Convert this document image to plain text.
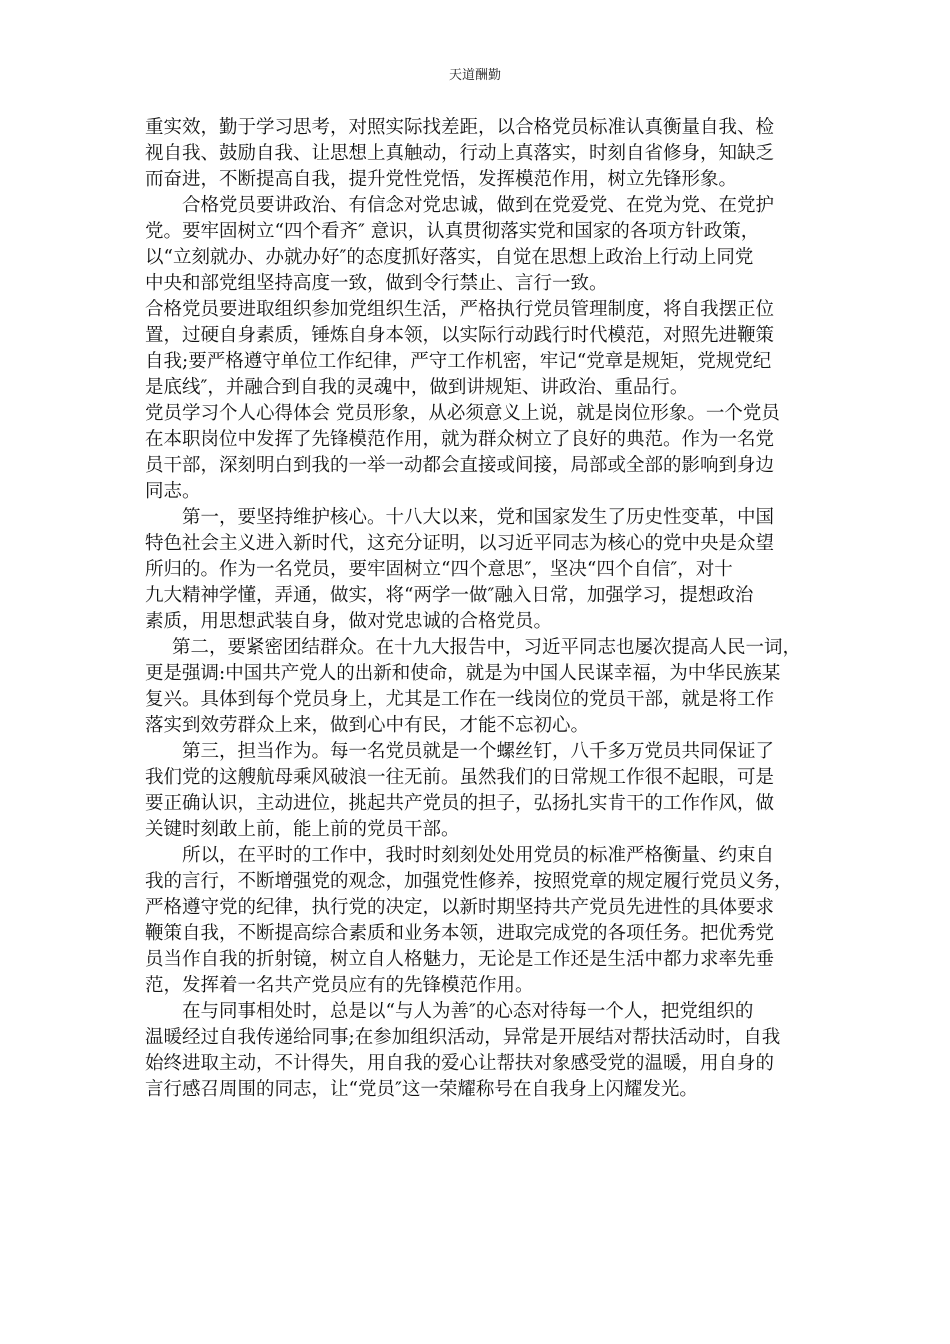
天道酬勤
重实效，勤于学习思考，对照实际找差距，以合格党员标准认真衡量自我、检
视自我、鼓励自我、让思想上真触动，行动上真落实，时刻自省修身，知缺乏
而奋进，不断提高自我，提升党性党悟，发挥模范作用，树立先锋形象。
合格党员要讲政治、有信念对党忠诚，做到在党爱党、在党为党、在党护
党。要牢固树立“四个看齐″ 意识，认真贯彻落实党和国家的各项方针政策，
以“立刻就办、办就办好″的态度抓好落实，自觉在思想上政治上行动上同党
中央和部党组坚持高度一致，做到令行禁止、言行一致。
合格党员要进取组织参加党组织生活，严格执行党员管理制度，将自我摆正位
置，过硬自身素质，锤炼自身本领，以实际行动践行时代模范，对照先进鞭策
自我;要严格遵守单位工作纪律，严守工作机密，牢记“党章是规矩，党规党纪
是底线″，并融合到自我的灵魂中，做到讲规矩、讲政治、重品行。
党员学习个人心得体会 党员形象，从必须意义上说，就是岗位形象。一个党员
在本职岗位中发挥了先锋模范作用，就为群众树立了良好的典范。作为一名党
员干部，深刻明白到我的一举一动都会直接或间接，局部或全部的影响到身边
同志。
第一，要坚持维护核心。十八大以来，党和国家发生了历史性变革，中国
特色社会主义进入新时代，这充分证明，以习近平同志为核心的党中央是众望
所归的。作为一名党员，要牢固树立“四个意思″，坚决“四个自信″，对十
九大精神学懂，弄通，做实，将“两学一做″融入日常，加强学习，提想政治
素质，用思想武装自身，做对党忠诚的合格党员。
第二，要紧密团结群众。在十九大报告中，习近平同志也屡次提高人民一词，
更是强调:中国共产党人的出新和使命，就是为中国人民谋幸福，为中华民族某
复兴。具体到每个党员身上，尤其是工作在一线岗位的党员干部，就是将工作
落实到效劳群众上来，做到心中有民，才能不忘初心。
第三，担当作为。每一名党员就是一个螺丝钉，八千多万党员共同保证了
我们党的这艘航母乘风破浪一往无前。虽然我们的日常规工作很不起眼，可是
要正确认识，主动进位，挑起共产党员的担子，弘扬扎实肯干的工作作风，做
关键时刻敢上前，能上前的党员干部。
所以，在平时的工作中，我时时刻刻处处用党员的标准严格衡量、约束自
我的言行，不断增强党的观念，加强党性修养，按照党章的规定履行党员义务，
严格遵守党的纪律，执行党的决定，以新时期坚持共产党员先进性的具体要求
鞭策自我，不断提高综合素质和业务本领，进取完成党的各项任务。把优秀党
员当作自我的折射镜，树立自人格魅力，无论是工作还是生活中都力求率先垂
范，发挥着一名共产党员应有的先锋模范作用。
在与同事相处时，总是以“与人为善″的心态对待每一个人，把党组织的
温暖经过自我传递给同事;在参加组织活动，异常是开展结对帮扶活动时，自我
始终进取主动，不计得失，用自我的爱心让帮扶对象感受党的温暖，用自身的
言行感召周围的同志，让“党员″这一荣耀称号在自我身上闪耀发光。
